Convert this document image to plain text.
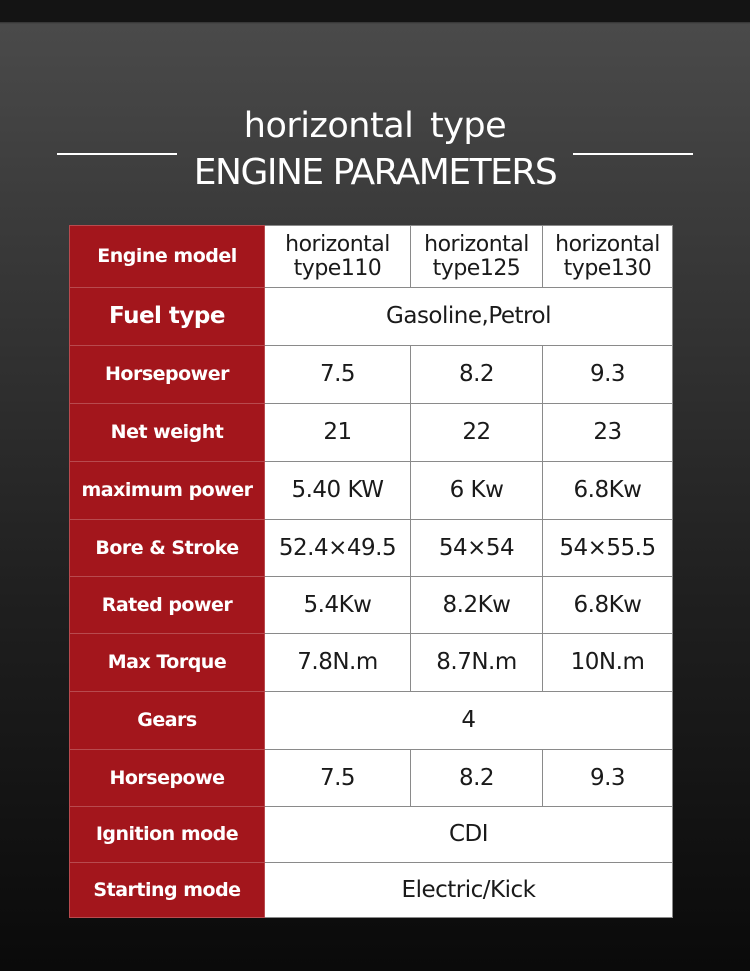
horizontal type
ENGINE PARAMETERS
Engine model	horizontal type110	horizontal type125	horizontal type130
Fuel type	Gasoline,Petrol		
Horsepower	7.5	8.2	9.3
Net weight	21	22	23
maximum power	5.40 KW	6 Kw	6.8Kw
Bore & Stroke	52.4×49.5	54×54	54×55.5
Rated power	5.4Kw	8.2Kw	6.8Kw
Max Torque	7.8N.m	8.7N.m	10N.m
Gears	4		
Horsepowe	7.5	8.2	9.3
Ignition mode	CDI		
Starting mode	Electric/Kick		
